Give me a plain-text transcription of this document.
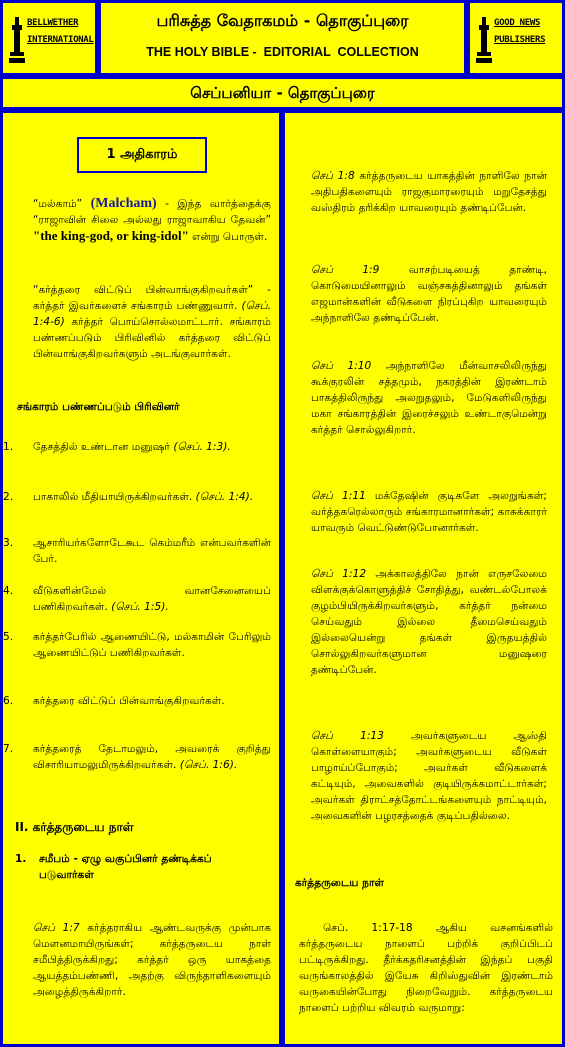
BELLWETHER
INTERNATIONAL
பரிசுத்த வேதாகமம் - தொகுப்புரை
THE HOLY BIBLE -  EDITORIAL  COLLECTION
GOOD NEWS
PUBLISHERS
செப்பனியா - தொகுப்புரை
1 அதிகாரம்

“மல்காம்” (Malcham) - இந்த வார்த்தைக்கு “ராஜாவின் சிலை அல்லது ராஜாவாகிய தேவன்” "the king-god, or king-idol" என்று பொருள்.

“கர்த்தரை விட்டுப் பின்வாங்குகிறவர்கள்” - கர்த்தர் இவர்களைச் சங்காரம் பண்ணுவார். (செப். 1:4-6) கர்த்தர் பொய்சொல்லமாட்டார். சங்காரம் பண்ணப்படும் பிரிவினில் கர்த்தரை விட்டுப் பின்வாங்குகிறவர்களும் அடங்குவார்கள்.

சங்காரம் பண்ணப்படும் பிரிவினர்
1.	தேசத்தில் உண்டான மனுஷர் (செப். 1:3).
2.	பாகாலில் மீதியாயிருக்கிறவர்கள். (செப். 1:4).
3.	ஆசாரியர்களோடேகூட கெம்மரீம் என்பவர்களின் பேர்.
4.	வீடுகளின்மேல் வானசேனையைப் பணிகிறவர்கள். (செப். 1:5).
5.	கர்த்தர்பேரில் ஆணையிட்டு, மல்காமின் பேரிலும் ஆணையிட்டுப் பணிகிறவர்கள்.
6.	கர்த்தரை விட்டுப் பின்வாங்குகிறவர்கள்.
7.	கர்த்தரைத் தேடாமலும், அவரைக் குறித்து விசாரியாமலுமிருக்கிறவர்கள். (செப். 1:6).
II. கர்த்தருடைய நாள்
1. சமீபம் - ஏழு வகுப்பினர் தண்டிக்கப் படுவார்கள்

செப் 1:7 கர்த்தராகிய ஆண்டவருக்கு முன்பாக மௌனமாயிருங்கள்; கர்த்தருடைய நாள் சமீபித்திருக்கிறது; கர்த்தர் ஒரு யாகத்தை ஆயத்தம்பண்ணி, அதற்கு விருந்தாளிகளையும் அழைத்திருக்கிறார்.

செப் 1:8 கர்த்தருடைய யாகத்தின் நாளிலே நான் அதிபதிகளையும் ராஜகுமாரரையும் மறுதேசத்து வஸ்திரம் தரிக்கிற யாவரையும் தண்டிப்பேன்.

செப் 1:9	வாசற்படியைத் தாண்டி, கொடுமையினாலும் வஞ்சகத்தினாலும் தங்கள் எஜமான்களின் வீடுகளை நிரப்புகிற யாவரையும் அந்நாளிலே தண்டிப்பேன்.

செப் 1:10 அந்நாளிலே மீன்வாசலிலிருந்து கூக்குரலின் சத்தமும், நகரத்தின் இரண்டாம் பாகத்திலிருந்து அலறுதலும், மேடுகளிலிருந்து மகா சங்காரத்தின் இரைச்சலும் உண்டாகுமென்று கர்த்தர் சொல்லுகிறார்.

செப் 1:11 மக்தேஷின் குடிகளே அலறுங்கள்; வர்த்தகரெல்லாரும் சங்காரமானார்கள்; காசுக்காரர் யாவரும் வெட்டுண்டுபோனார்கள்.

செப் 1:12 அக்காலத்திலே நான் எருசலேமை விளக்குக்கொளுத்திச் சோதித்து, வண்டல்போலக் குழம்பியிருக்கிறவர்களும், கர்த்தர் நன்மை செய்வதும் இல்லை தீமைசெய்வதும் இல்லையென்று தங்கள் இருதயத்தில் சொல்லுகிறவர்களுமான மனுஷரை தண்டிப்பேன்.

செப் 1:13	அவர்களுடைய ஆஸ்தி கொள்ளையாகும்; அவர்களுடைய வீடுகள் பாழாய்ப்போகும்; அவர்கள் வீடுகளைக் கட்டியும், அவைகளில் குடியிருக்கமாட்டார்கள்; அவர்கள் திராட்சத்தோட்டங்களையும் நாட்டியும், அவைகளின் பழரசத்தைக் குடிப்பதில்லை.

கர்த்தருடைய நாள்

செப். 1:17-18 ஆகிய வசனங்களில் கர்த்தருடைய நாளைப் பற்றிக் குறிப்பிடப் பட்டிருக்கிறது. தீர்க்கதரிசனத்தின் இந்தப் பகுதி வருங்காலத்தில் இயேசு கிறிஸ்துவின் இரண்டாம் வருகையின்போது நிறைவேறும். கர்த்தருடைய நாளைப் பற்றிய விவரம் வருமாறு:
